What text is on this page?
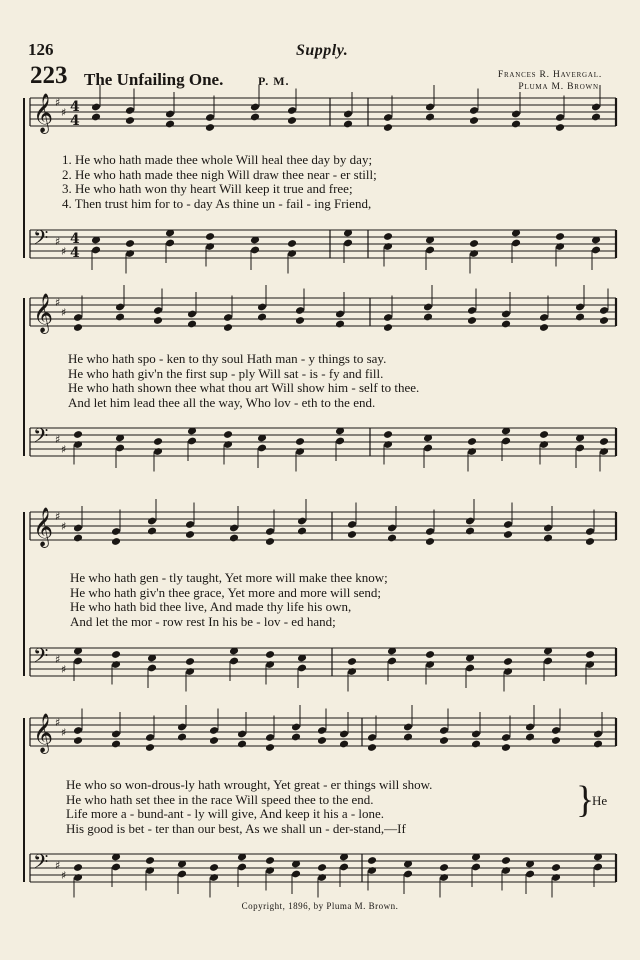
126	Supply.
223 The Unfailing One.	P. M.	Frances R. Havergal.
Pluma M. Brown.
𝄞 ♯
♯ 4
4
𝄢 ♯
♯
4
4
𝄞 ♯
♯
𝄢 ♯
♯
𝄞 ♯
♯
𝄢 ♯
♯
𝄞 ♯
♯
𝄢 ♯
♯
1. He who hath made thee whole Will heal thee day by day;
2. He who hath made thee nigh Will draw thee near - er still;
3. He who hath won thy heart Will keep it true and free;
4. Then trust him for to - day As thine un - fail - ing Friend,
He who hath spo - ken to thy soul Hath man - y things to say.
He who hath giv'n the first sup - ply Will sat - is - fy and fill.
He who hath shown thee what thou art Will show him - self to thee.
And let him lead thee all the way, Who lov - eth to the end.
He who hath gen - tly taught, Yet more will make thee know;
He who hath giv'n thee grace, Yet more and more will send;
He who hath bid thee live, And made thy life his own,
And let the mor - row rest In his be - lov - ed hand;
He who so won-drous-ly hath wrought, Yet great - er things will show.
He who hath set thee in the race Will speed thee to the end.
Life more a - bund-ant - ly will give, And keep it his a - lone.
His good is bet - ter than our best, As we shall un - der-stand,—If
}
He
Copyright, 1896, by Pluma M. Brown.
